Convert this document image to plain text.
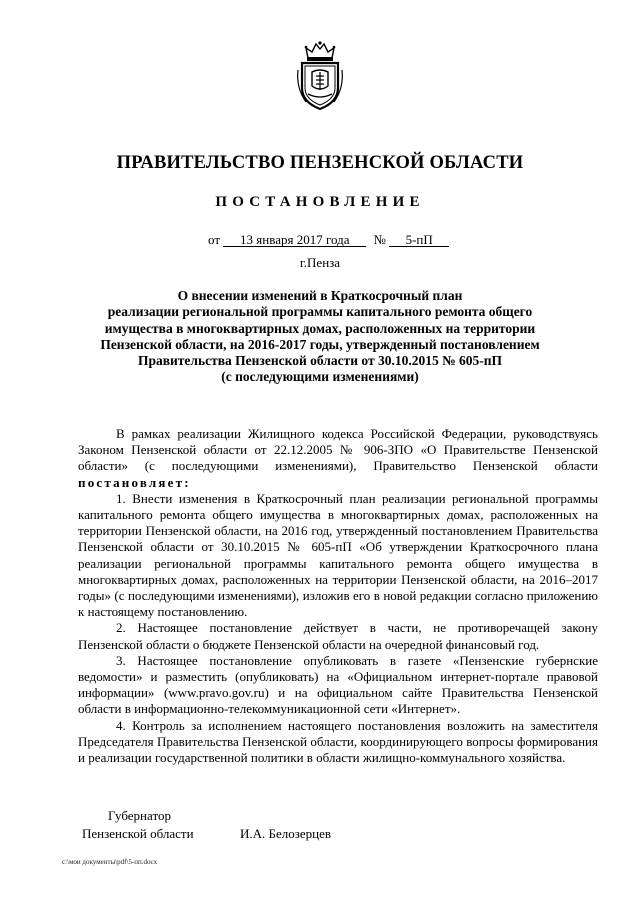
ПРАВИТЕЛЬСТВО ПЕНЗЕНСКОЙ ОБЛАСТИ
ПОСТАНОВЛЕНИЕ
от 13 января 2017 года № 5-пП
г.Пенза
О внесении изменений в Краткосрочный план
реализации региональной программы капитального ремонта общего
имущества в многоквартирных домах, расположенных на территории
Пензенской области, на 2016-2017 годы, утвержденный постановлением
Правительства Пензенской области от 30.10.2015 № 605-пП
(с последующими изменениями)

В рамках реализации Жилищного кодекса Российской Федерации, руководствуясь Законом Пензенской области от 22.12.2005 № 906-ЗПО «О Правительстве Пензенской области» (с последующими изменениями), Правительство Пензенской области постановляет:

1. Внести изменения в Краткосрочный план реализации региональной программы капитального ремонта общего имущества в многоквартирных домах, расположенных на территории Пензенской области, на 2016 год, утвержденный постановлением Правительства Пензенской области от 30.10.2015 № 605-пП «Об утверждении Краткосрочного плана реализации региональной программы капитального ремонта общего имущества в многоквартирных домах, расположенных на территории Пензенской области, на 2016–2017 годы» (с последующими изменениями), изложив его в новой редакции согласно приложению к настоящему постановлению.

2. Настоящее постановление действует в части, не противоречащей закону Пензенской области о бюджете Пензенской области на очередной финансовый год.

3. Настоящее постановление опубликовать в газете «Пензенские губернские ведомости» и разместить (опубликовать) на «Официальном интернет-портале правовой информации» (www.pravo.gov.ru) и на официальном сайте Правительства Пензенской области в информационно-телекоммуникационной сети «Интернет».

4. Контроль за исполнением настоящего постановления возложить на заместителя Председателя Правительства Пензенской области, координирующего вопросы формирования и реализации государственной политики в области жилищно-коммунального хозяйства.

Губернатор
Пензенской области	И.А. Белозерцев
c:\мои документы\pdf\5-пп.docx
